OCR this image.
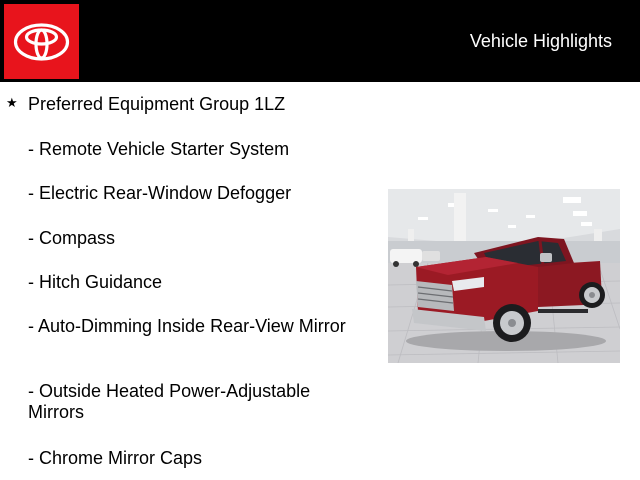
Vehicle Highlights
★ Preferred Equipment Group 1LZ
- Remote Vehicle Starter System
- Electric Rear-Window Defogger
- Compass
- Hitch Guidance
- Auto-Dimming Inside Rear-View Mirror
- Outside Heated Power-Adjustable Mirrors
- Chrome Mirror Caps
